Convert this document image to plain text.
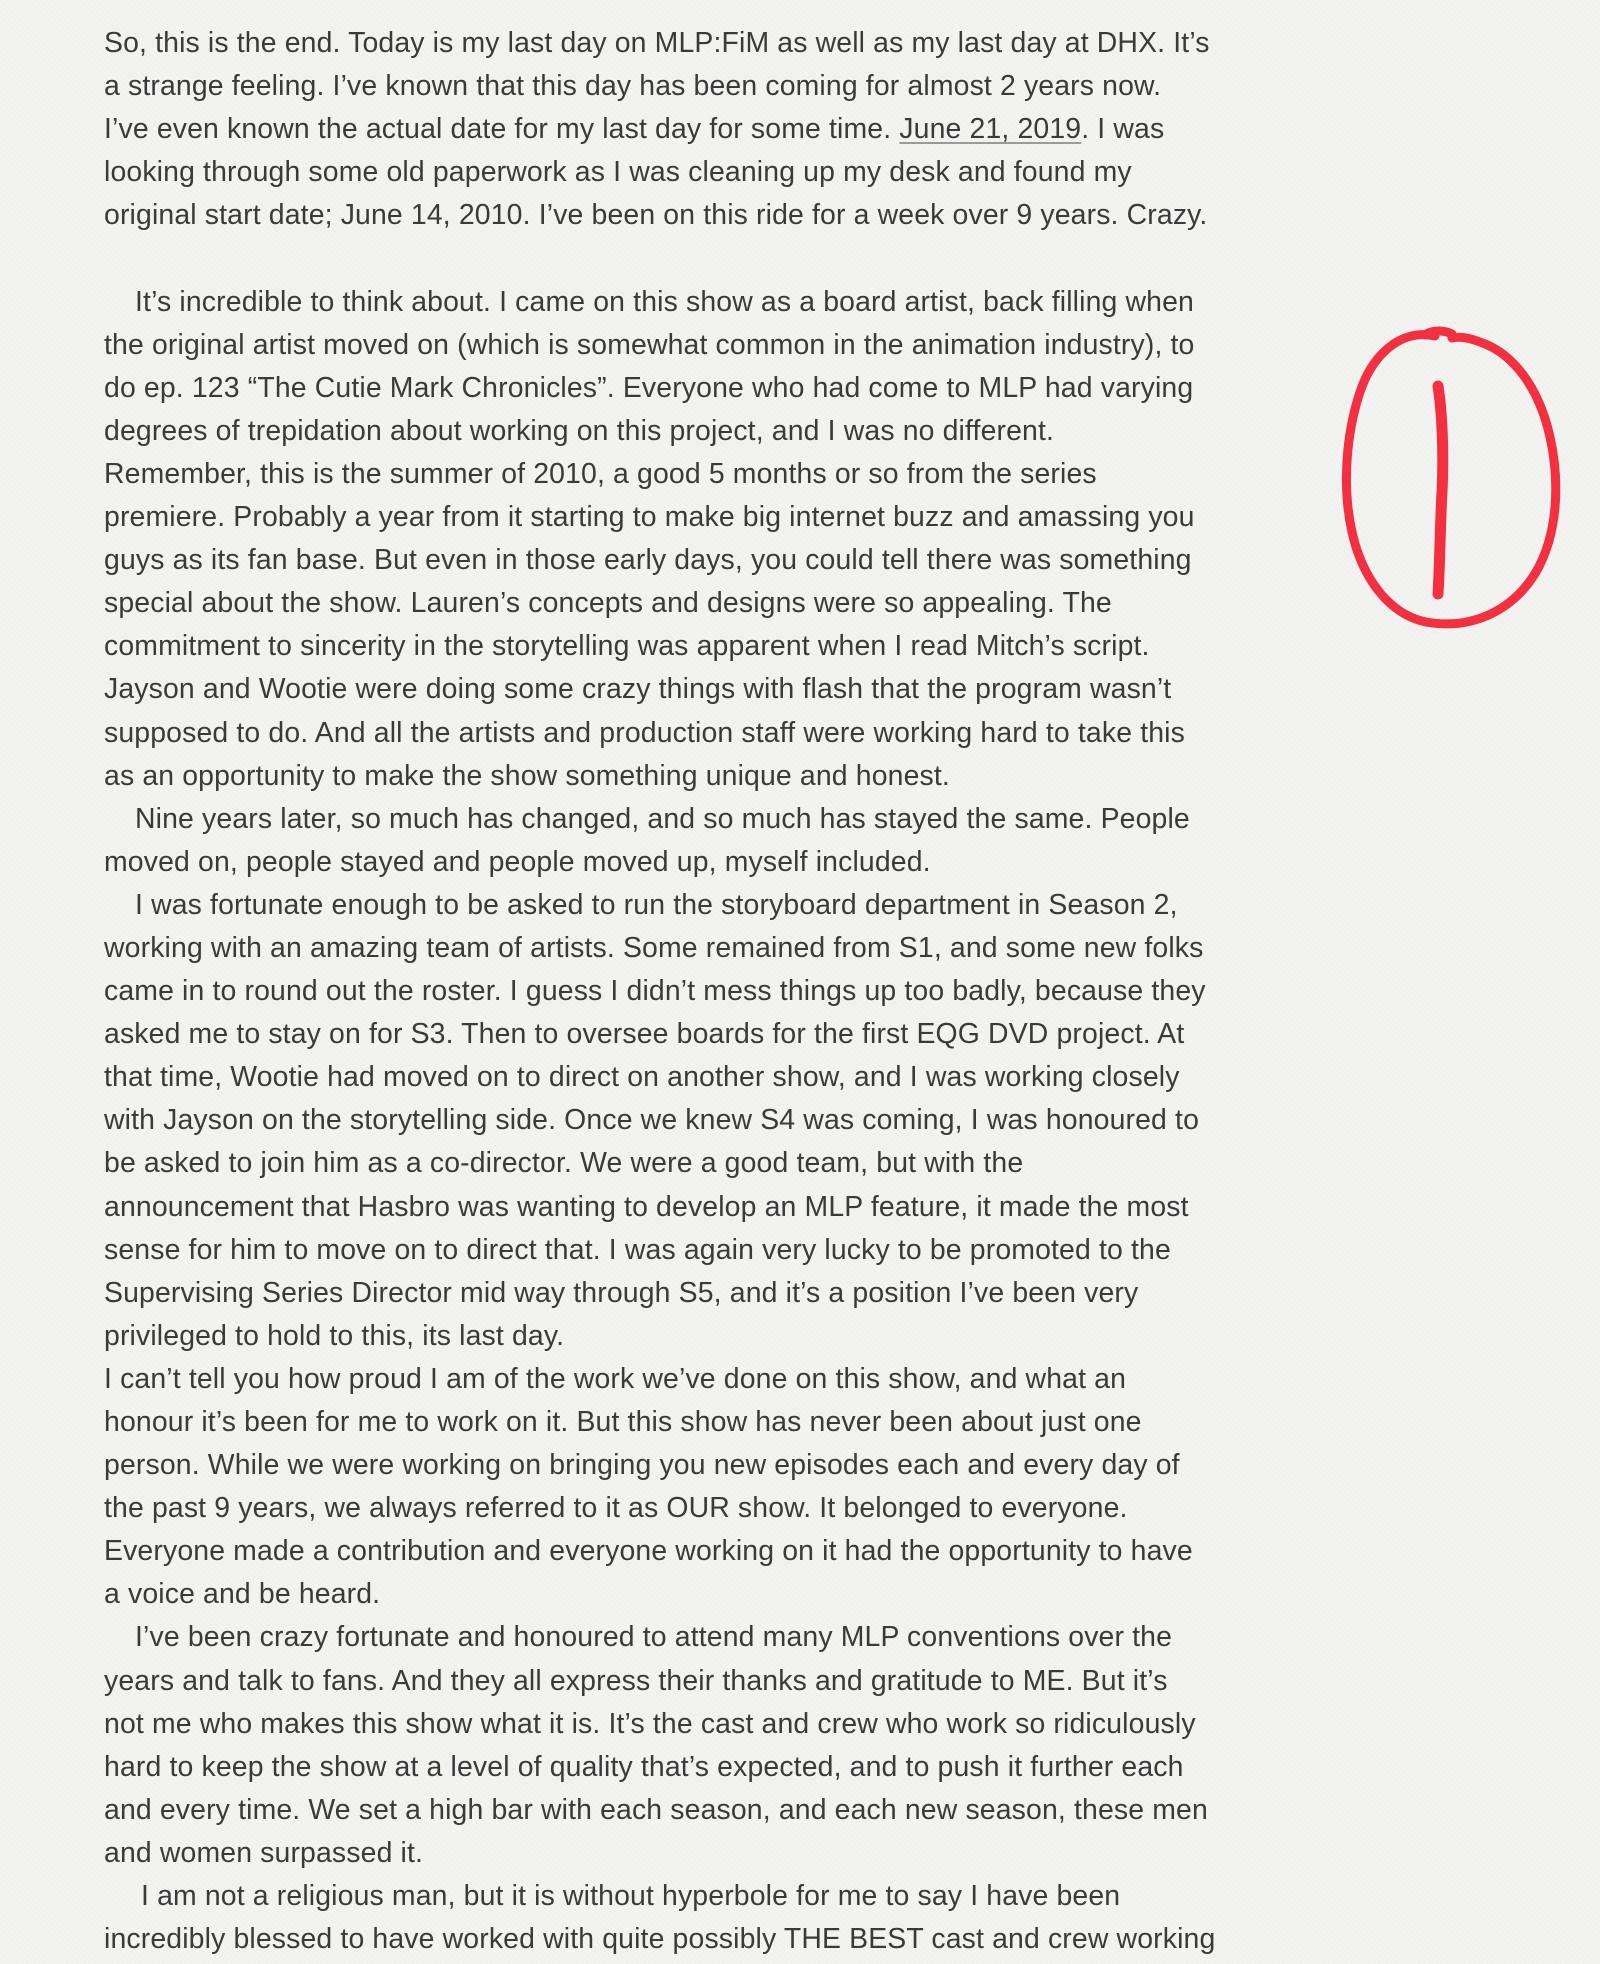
So, this is the end. Today is my last day on MLP:FiM as well as my last day at DHX. It’s
a strange feeling. I’ve known that this day has been coming for almost 2 years now.
I’ve even known the actual date for my last day for some time. June 21, 2019. I was
looking through some old paperwork as I was cleaning up my desk and found my
original start date; June 14, 2010. I’ve been on this ride for a week over 9 years. Crazy.
It’s incredible to think about. I came on this show as a board artist, back filling when
the original artist moved on (which is somewhat common in the animation industry), to
do ep. 123 “The Cutie Mark Chronicles”. Everyone who had come to MLP had varying
degrees of trepidation about working on this project, and I was no different.
Remember, this is the summer of 2010, a good 5 months or so from the series
premiere. Probably a year from it starting to make big internet buzz and amassing you
guys as its fan base. But even in those early days, you could tell there was something
special about the show. Lauren’s concepts and designs were so appealing. The
commitment to sincerity in the storytelling was apparent when I read Mitch’s script.
Jayson and Wootie were doing some crazy things with flash that the program wasn’t
supposed to do. And all the artists and production staff were working hard to take this
as an opportunity to make the show something unique and honest.
Nine years later, so much has changed, and so much has stayed the same. People
moved on, people stayed and people moved up, myself included.
I was fortunate enough to be asked to run the storyboard department in Season 2,
working with an amazing team of artists. Some remained from S1, and some new folks
came in to round out the roster. I guess I didn’t mess things up too badly, because they
asked me to stay on for S3. Then to oversee boards for the first EQG DVD project. At
that time, Wootie had moved on to direct on another show, and I was working closely
with Jayson on the storytelling side. Once we knew S4 was coming, I was honoured to
be asked to join him as a co-director. We were a good team, but with the
announcement that Hasbro was wanting to develop an MLP feature, it made the most
sense for him to move on to direct that. I was again very lucky to be promoted to the
Supervising Series Director mid way through S5, and it’s a position I’ve been very
privileged to hold to this, its last day.
I can’t tell you how proud I am of the work we’ve done on this show, and what an
honour it’s been for me to work on it. But this show has never been about just one
person. While we were working on bringing you new episodes each and every day of
the past 9 years, we always referred to it as OUR show. It belonged to everyone.
Everyone made a contribution and everyone working on it had the opportunity to have
a voice and be heard.
I’ve been crazy fortunate and honoured to attend many MLP conventions over the
years and talk to fans. And they all express their thanks and gratitude to ME. But it’s
not me who makes this show what it is. It’s the cast and crew who work so ridiculously
hard to keep the show at a level of quality that’s expected, and to push it further each
and every time. We set a high bar with each season, and each new season, these men
and women surpassed it.
I am not a religious man, but it is without hyperbole for me to say I have been
incredibly blessed to have worked with quite possibly THE BEST cast and crew working
